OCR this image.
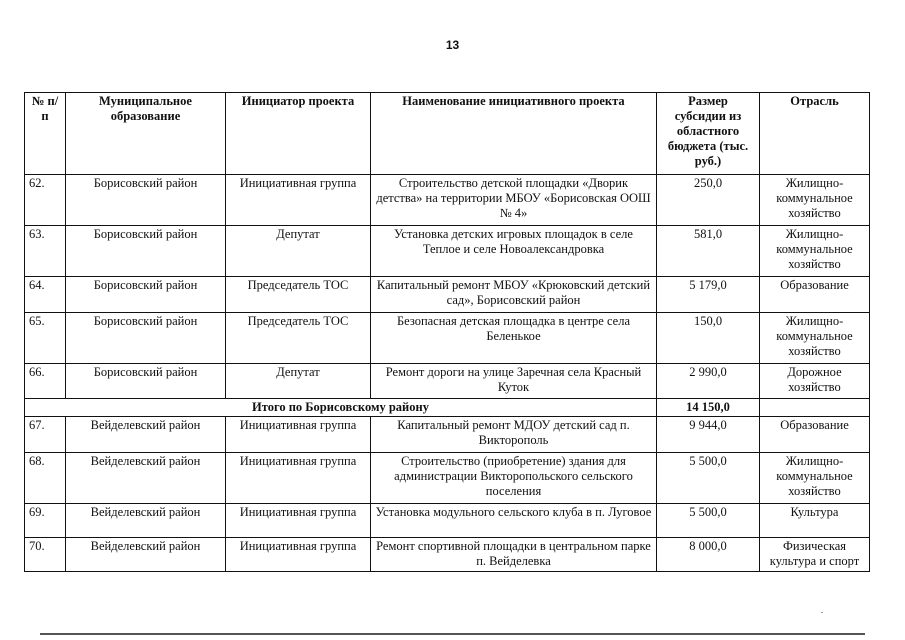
13
№ п/п	Муниципальное образование	Инициатор проекта	Наименование инициативного проекта	Размер субсидии из областного бюджета (тыс. руб.)	Отрасль
62.	Борисовский район	Инициативная группа	Строительство детской площадки «Дворик детства» на территории МБОУ «Борисовская ООШ № 4»	250,0	Жилищно-коммунальное хозяйство
63.	Борисовский район	Депутат	Установка детских игровых площадок в селе Теплое и селе Новоалександровка	581,0	Жилищно-коммунальное хозяйство
64.	Борисовский район	Председатель ТОС	Капитальный ремонт МБОУ «Крюковский детский сад», Борисовский район	5 179,0	Образование
65.	Борисовский район	Председатель ТОС	Безопасная детская площадка в центре села Беленькое	150,0	Жилищно-коммунальное хозяйство
66.	Борисовский район	Депутат	Ремонт дороги на улице Заречная села Красный Куток	2 990,0	Дорожное хозяйство
Итого по Борисовскому району				14 150,0	
67.	Вейделевский район	Инициативная группа	Капитальный ремонт МДОУ детский сад п. Викторополь	9 944,0	Образование
68.	Вейделевский район	Инициативная группа	Строительство (приобретение) здания для администрации Викторопольского сельского поселения	5 500,0	Жилищно-коммунальное хозяйство
69.	Вейделевский район	Инициативная группа	Установка модульного сельского клуба в п. Луговое	5 500,0	Культура
70.	Вейделевский район	Инициативная группа	Ремонт спортивной площадки в центральном парке п. Вейделевка	8 000,0	Физическая культура и спорт
